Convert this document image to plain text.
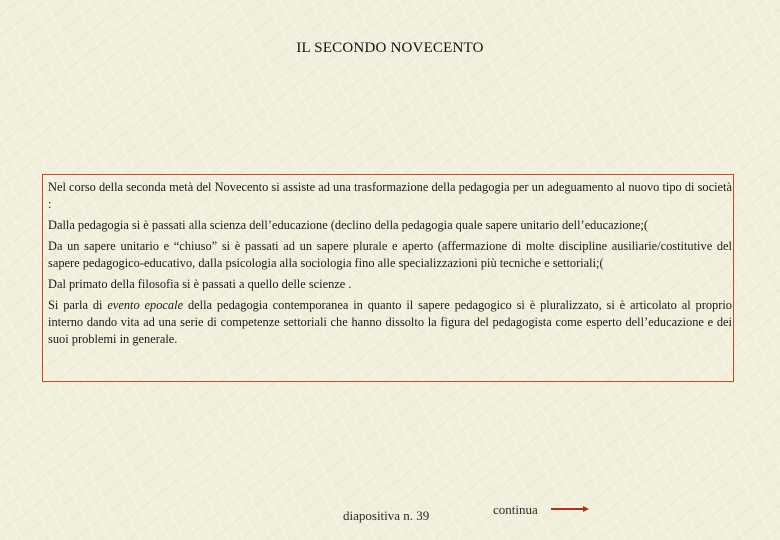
IL SECONDO NOVECENTO

Nel corso della seconda metà del Novecento si assiste ad una trasformazione della pedagogia per un adeguamento al nuovo tipo di società :

Dalla pedagogia si è passati alla scienza dell’educazione (declino della pedagogia quale sapere unitario dell’educazione;(

Da un sapere unitario e “chiuso” si è passati ad un sapere plurale e aperto (affermazione di molte discipline ausiliarie/costitutive del sapere pedagogico-educativo, dalla psicologia alla sociologia fino alle specializzazioni più tecniche e settoriali;(

Dal primato della filosofia si è passati a quello delle scienze .

Si parla di evento epocale della pedagogia contemporanea in quanto il sapere pedagogico si è pluralizzato, si è articolato al proprio interno dando vita ad una serie di competenze settoriali che hanno dissolto la figura del pedagogista come esperto dell’educazione e dei suoi problemi in generale.

diapositiva n. 39	continua
